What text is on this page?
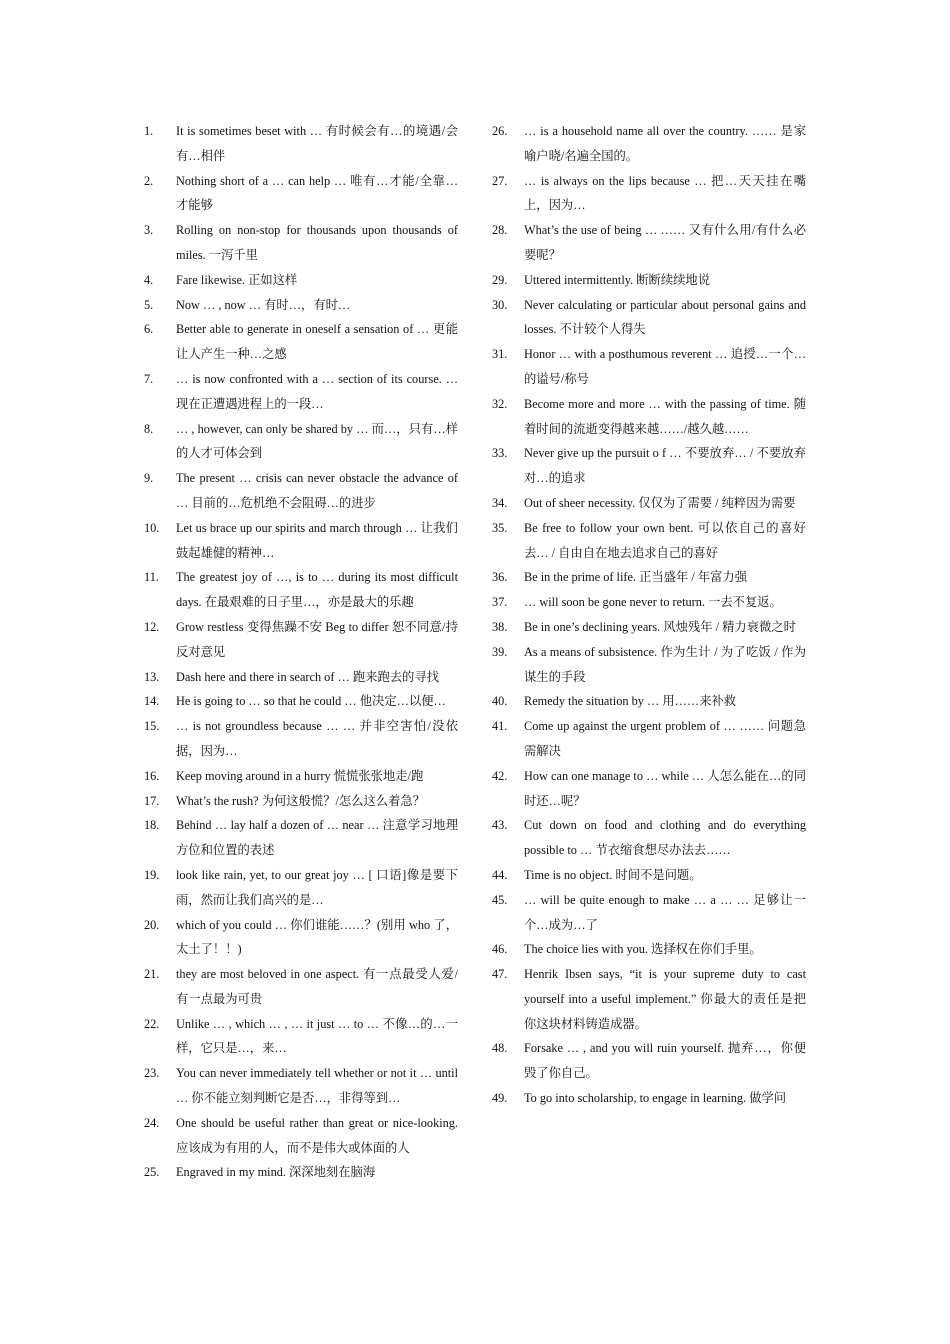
1. It is sometimes beset with … 有时候会有…的境遇/会有…相伴
2. Nothing short of a … can help … 唯有…才能/全靠…才能够
3. Rolling on non-stop for thousands upon thousands of miles. 一泻千里
4. Fare likewise. 正如这样
5. Now … , now … 有时…，有时…
6. Better able to generate in oneself a sensation of … 更能让人产生一种…之感
7. … is now confronted with a … section of its course. … 现在正遭遇进程上的一段…
8. … , however, can only be shared by … 而…，只有…样的人才可体会到
9. The present … crisis can never obstacle the advance of … 目前的…危机绝不会阻碍…的进步
10. Let us brace up our spirits and march through … 让我们鼓起雄健的精神…
11. The greatest joy of …, is to … during its most difficult days. 在最艰难的日子里…，亦是最大的乐趣
12. Grow restless 变得焦躁不安 Beg to differ 恕不同意/持反对意见
13. Dash here and there in search of … 跑来跑去的寻找
14. He is going to … so that he could … 他决定…以便…
15. … is not groundless because … … 并非空害怕/没依据，因为…
16. Keep moving around in a hurry 慌慌张张地走/跑
17. What’s the rush? 为何这般慌？/怎么这么着急？
18. Behind … lay half a dozen of … near … 注意学习地理方位和位置的表述
19. look like rain, yet, to our great joy … [ 口语]像是要下雨，然而让我们高兴的是…
20. which of you could … 你们谁能……？(别用 who 了，太土了！！)
21. they are most beloved in one aspect. 有一点最受人爱/有一点最为可贵
22. Unlike … , which … , … it just … to … 不像…的…一样，它只是…，来…
23. You can never immediately tell whether or not it … until … 你不能立刻判断它是否…，非得等到…
24. One should be useful rather than great or nice-looking. 应该成为有用的人，而不是伟大或体面的人
25. Engraved in my mind. 深深地刻在脑海
26. … is a household name all over the country. …… 是家喻户晓/名遍全国的。
27. … is always on the lips because … 把…天天挂在嘴上，因为…
28. What’s the use of being … …… 又有什么用/有什么必要呢？
29. Uttered intermittently. 断断续续地说
30. Never calculating or particular about personal gains and losses. 不计较个人得失
31. Honor … with a posthumous reverent … 追授…一个…的谥号/称号
32. Become more and more … with the passing of time. 随着时间的流逝变得越来越……/越久越……
33. Never give up the pursuit o f … 不要放弃… / 不要放弃对…的追求
34. Out of sheer necessity. 仅仅为了需要 / 纯粹因为需要
35. Be free to follow your own bent. 可以依自己的喜好去… / 自由自在地去追求自己的喜好
36. Be in the prime of life. 正当盛年 / 年富力强
37. … will soon be gone never to return. 一去不复返。
38. Be in one’s declining years. 风烛残年 / 精力衰微之时
39. As a means of subsistence. 作为生计 / 为了吃饭 / 作为谋生的手段
40. Remedy the situation by … 用……来补救
41. Come up against the urgent problem of … …… 问题急需解决
42. How can one manage to … while … 人怎么能在…的同时还…呢？
43. Cut down on food and clothing and do everything possible to … 节衣缩食想尽办法去……
44. Time is no object. 时间不是问题。
45. … will be quite enough to make … a … … 足够让一个…成为…了
46. The choice lies with you. 选择权在你们手里。
47. Henrik Ibsen says, “it is your supreme duty to cast yourself into a useful implement.” 你最大的责任是把你这块材料铸造成器。
48. Forsake … , and you will ruin yourself. 抛弃…，你便毁了你自己。
49. To go into scholarship, to engage in learning. 做学问
